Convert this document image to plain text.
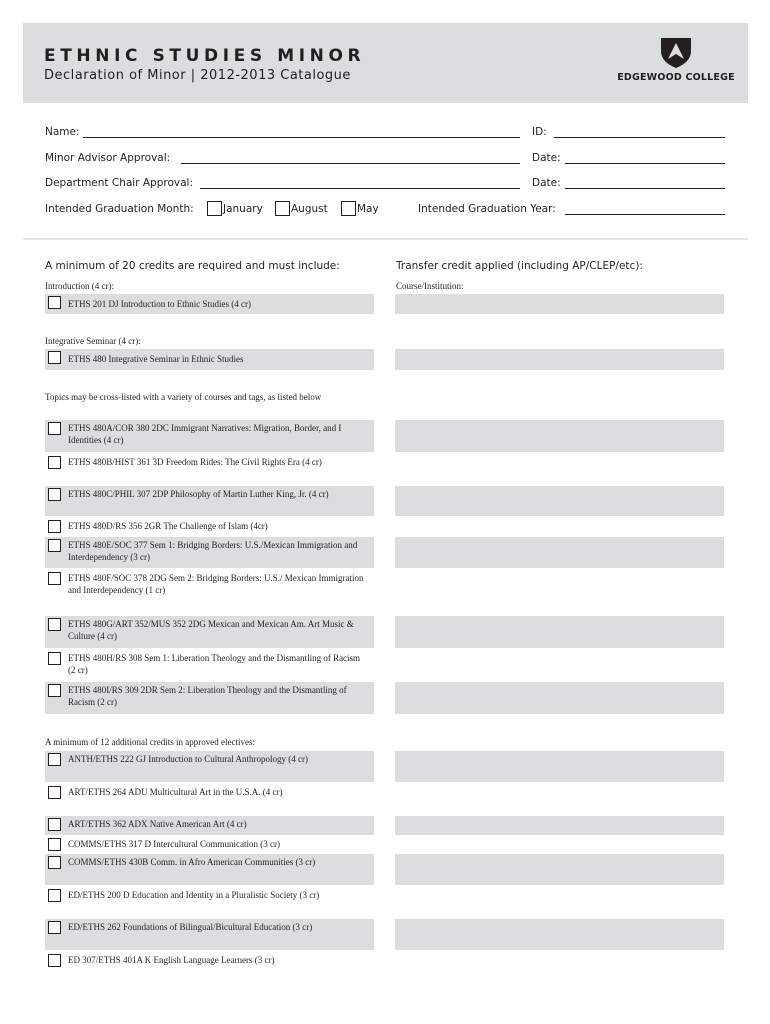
ETHNIC STUDIES MINOR
Declaration of Minor | 2012-2013 Catalogue	EDGEWOOD COLLEGE
Name:	ID:
Minor Advisor Approval:	Date:
Department Chair Approval:	Date:
Intended Graduation Month:	January	August	May	Intended Graduation Year:
A minimum of 20 credits are required and must include:	Transfer credit applied (including AP/CLEP/etc):
Introduction (4 cr):	Course/Institution:
ETHS 201 DJ Introduction to Ethnic Studies (4 cr)
Integrative Seminar (4 cr):
ETHS 480 Integrative Seminar in Ethnic Studies
Topics may be cross-listed with a variety of courses and tags, as listed below
ETHS 480A/COR 380 2DC Immigrant Narratives: Migration, Border, and I Identities (4 cr)
ETHS 480B/HIST 361 3D Freedom Rides: The Civil Rights Era (4 cr)
ETHS 480C/PHIL 307 2DP Philosophy of Martin Luther King, Jr. (4 cr)
ETHS 480D/RS 356 2GR The Challenge of Islam (4cr)
ETHS 480E/SOC 377 Sem 1: Bridging Borders: U.S./Mexican Immigration and Interdependency (3 cr)
ETHS 480F/SOC 378 2DG Sem 2: Bridging Borders: U.S./ Mexican Immigration and Interdependency (1 cr)
ETHS 480G/ART 352/MUS 352 2DG Mexican and Mexican Am. Art Music & Culture (4 cr)
ETHS 480H/RS 308 Sem 1: Liberation Theology and the Dismantling of Racism (2 cr)
ETHS 480I/RS 309 2DR Sem 2: Liberation Theology and the Dismantling of Racism (2 cr)
A minimum of 12 additional credits in approved electives:
ANTH/ETHS 222 GJ Introduction to Cultural Anthropology (4 cr)
ART/ETHS 264 ADU Multicultural Art in the U.S.A. (4 cr)
ART/ETHS 362 ADX Native American Art (4 cr)
COMMS/ETHS 317 D Intercultural Communication (3 cr)
COMMS/ETHS 430B Comm. in Afro American Communities (3 cr)
ED/ETHS 200 D Education and Identity in a Pluralistic Society (3 cr)
ED/ETHS 262 Foundations of Bilingual/Bicultural Education (3 cr)
ED 307/ETHS 401A K English Language Learners (3 cr)
